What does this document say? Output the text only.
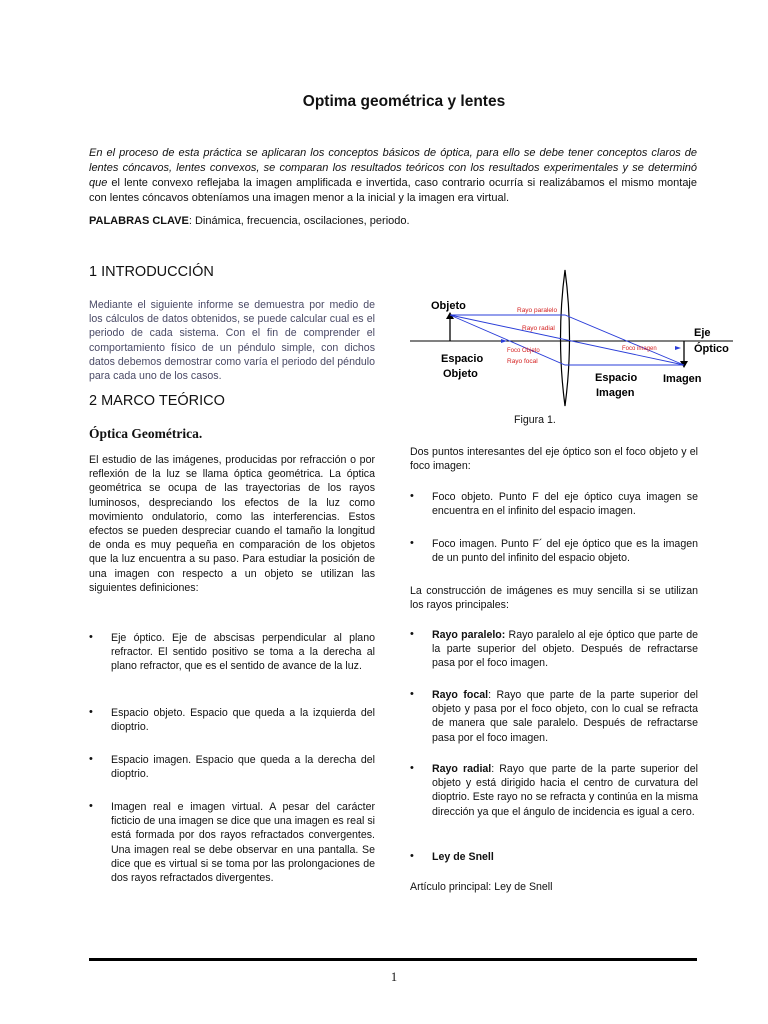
Optima geométrica y lentes
En el proceso de esta práctica se aplicaran los conceptos básicos de óptica, para ello se debe tener conceptos claros de lentes cóncavos, lentes convexos, se comparan los resultados teóricos con los resultados experimentales y se determinó que el lente convexo reflejaba la imagen amplificada e invertida, caso contrario ocurría si realizábamos el mismo montaje con lentes cóncavos obteníamos una imagen menor a la inicial y la imagen era virtual.
PALABRAS CLAVE: Dinámica, frecuencia, oscilaciones, periodo.
1 INTRODUCCIÓN
Mediante el siguiente informe se demuestra por medio de los cálculos de datos obtenidos, se puede calcular cual es el periodo de cada sistema. Con el fin de comprender el comportamiento físico de un péndulo simple, con dichos datos debemos demostrar como varía el periodo del péndulo para cada uno de los casos.
2 MARCO TEÓRICO
Óptica Geométrica.
El estudio de las imágenes, producidas por refracción o por reflexión de la luz se llama óptica geométrica. La óptica geométrica se ocupa de las trayectorias de los rayos luminosos, despreciando los efectos de la luz como movimiento ondulatorio, como las interferencias. Estos efectos se pueden despreciar cuando el tamaño la longitud de onda es muy pequeña en comparación de los objetos que la luz encuentra a su paso. Para estudiar la posición de una imagen con respecto a un objeto se utilizan las siguientes definiciones:
• Eje óptico. Eje de abscisas perpendicular al plano refractor. El sentido positivo se toma a la derecha al plano refractor, que es el sentido de avance de la luz.
• Espacio objeto. Espacio que queda a la izquierda del dioptrio.
• Espacio imagen. Espacio que queda a la derecha del dioptrio.
• Imagen real e imagen virtual. A pesar del carácter ficticio de una imagen se dice que una imagen es real si está formada por dos rayos refractados convergentes. Una imagen real se debe observar en una pantalla. Se dice que es virtual si se toma por las prolongaciones de dos rayos refractados divergentes.
Objeto
Eje
Óptico
Espacio
Objeto	Espacio
Imagen
Imagen
Rayo paralelo
Rayo radial
Foco Objeto
Rayo focal
Foco imagen
Figura 1.
Dos puntos interesantes del eje óptico son el foco objeto y el foco imagen:
• Foco objeto. Punto F del eje óptico cuya imagen se encuentra en el infinito del espacio imagen.
• Foco imagen. Punto F´ del eje óptico que es la imagen de un punto del infinito del espacio objeto.
La construcción de imágenes es muy sencilla si se utilizan los rayos principales:
• Rayo paralelo: Rayo paralelo al eje óptico que parte de la parte superior del objeto. Después de refractarse pasa por el foco imagen.
• Rayo focal: Rayo que parte de la parte superior del objeto y pasa por el foco objeto, con lo cual se refracta de manera que sale paralelo. Después de refractarse pasa por el foco imagen.
• Rayo radial: Rayo que parte de la parte superior del objeto y está dirigido hacia el centro de curvatura del dioptrio. Este rayo no se refracta y continúa en la misma dirección ya que el ángulo de incidencia es igual a cero.
• Ley de Snell
Artículo principal: Ley de Snell
1
